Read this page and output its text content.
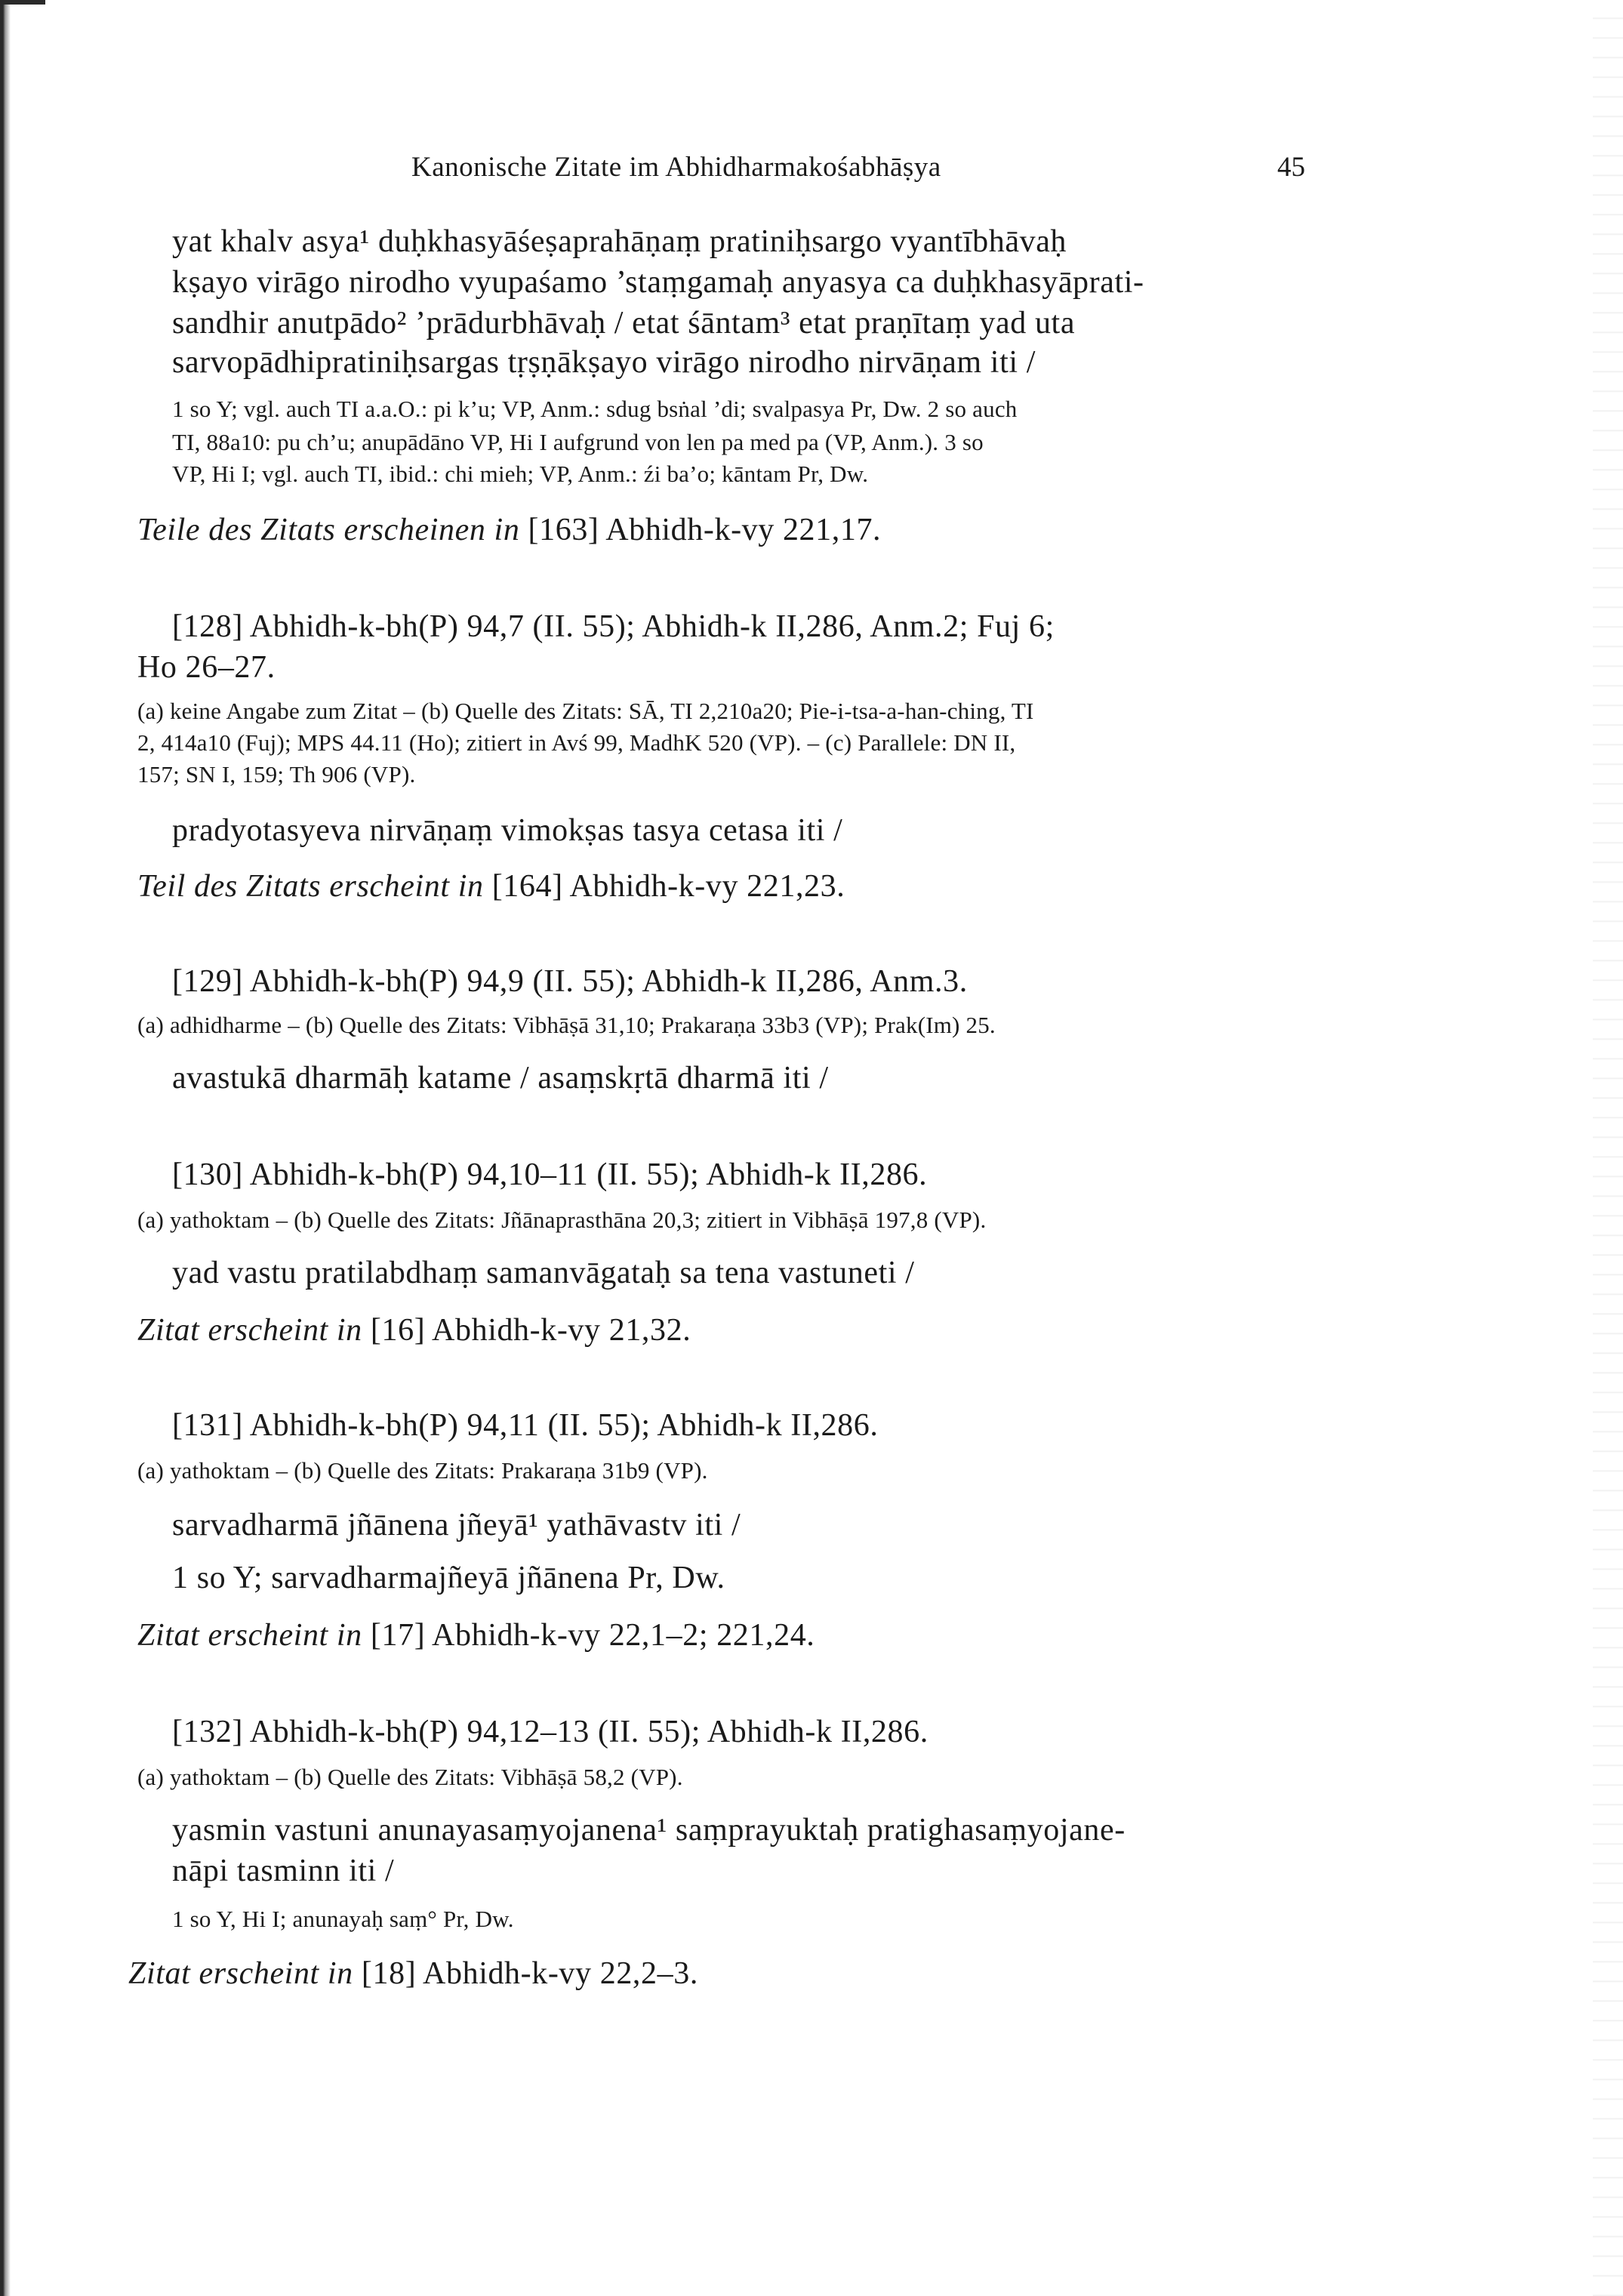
Kanonische Zitate im Abhidharmakośabhāṣya	45
yat khalv asya¹ duḥkhasyāśeṣaprahāṇaṃ pratiniḥsargo vyantībhāvaḥ
kṣayo virāgo nirodho vyupaśamo ’staṃgamaḥ anyasya ca duḥkhasyāprati-
sandhir anutpādo² ’prādurbhāvaḥ / etat śāntam³ etat praṇītaṃ yad uta
sarvopādhipratiniḥsargas tṛṣṇākṣayo virāgo nirodho nirvāṇam iti /
1 so Y; vgl. auch TI a.a.O.: pi k’u; VP, Anm.: sdug bsṅal ’di; svalpasya Pr, Dw. 2 so auch
TI, 88a10: pu ch’u; anupādāno VP, Hi I aufgrund von len pa med pa (VP, Anm.). 3 so
VP, Hi I; vgl. auch TI, ibid.: chi mieh; VP, Anm.: źi ba’o; kāntam Pr, Dw.
Teile des Zitats erscheinen in [163] Abhidh-k-vy 221,17.
[128] Abhidh-k-bh(P) 94,7 (II. 55); Abhidh-k II,286, Anm.2; Fuj 6;
Ho 26–27.
(a) keine Angabe zum Zitat – (b) Quelle des Zitats: SĀ, TI 2,210a20; Pie-i-tsa-a-han-ching, TI
2, 414a10 (Fuj); MPS 44.11 (Ho); zitiert in Avś 99, MadhK 520 (VP). – (c) Parallele: DN II,
157; SN I, 159; Th 906 (VP).
pradyotasyeva nirvāṇaṃ vimokṣas tasya cetasa iti /
Teil des Zitats erscheint in [164] Abhidh-k-vy 221,23.
[129] Abhidh-k-bh(P) 94,9 (II. 55); Abhidh-k II,286, Anm.3.
(a) adhidharme – (b) Quelle des Zitats: Vibhāṣā 31,10; Prakaraṇa 33b3 (VP); Prak(Im) 25.
avastukā dharmāḥ katame / asaṃskṛtā dharmā iti /
[130] Abhidh-k-bh(P) 94,10–11 (II. 55); Abhidh-k II,286.
(a) yathoktam – (b) Quelle des Zitats: Jñānaprasthāna 20,3; zitiert in Vibhāṣā 197,8 (VP).
yad vastu pratilabdhaṃ samanvāgataḥ sa tena vastuneti /
Zitat erscheint in [16] Abhidh-k-vy 21,32.
[131] Abhidh-k-bh(P) 94,11 (II. 55); Abhidh-k II,286.
(a) yathoktam – (b) Quelle des Zitats: Prakaraṇa 31b9 (VP).
sarvadharmā jñānena jñeyā¹ yathāvastv iti /
1 so Y; sarvadharmajñeyā jñānena Pr, Dw.
Zitat erscheint in [17] Abhidh-k-vy 22,1–2; 221,24.
[132] Abhidh-k-bh(P) 94,12–13 (II. 55); Abhidh-k II,286.
(a) yathoktam – (b) Quelle des Zitats: Vibhāṣā 58,2 (VP).
yasmin vastuni anunayasaṃyojanena¹ saṃprayuktaḥ pratighasaṃyojane-
nāpi tasminn iti /
1 so Y, Hi I; anunayaḥ saṃ° Pr, Dw.
Zitat erscheint in [18] Abhidh-k-vy 22,2–3.
